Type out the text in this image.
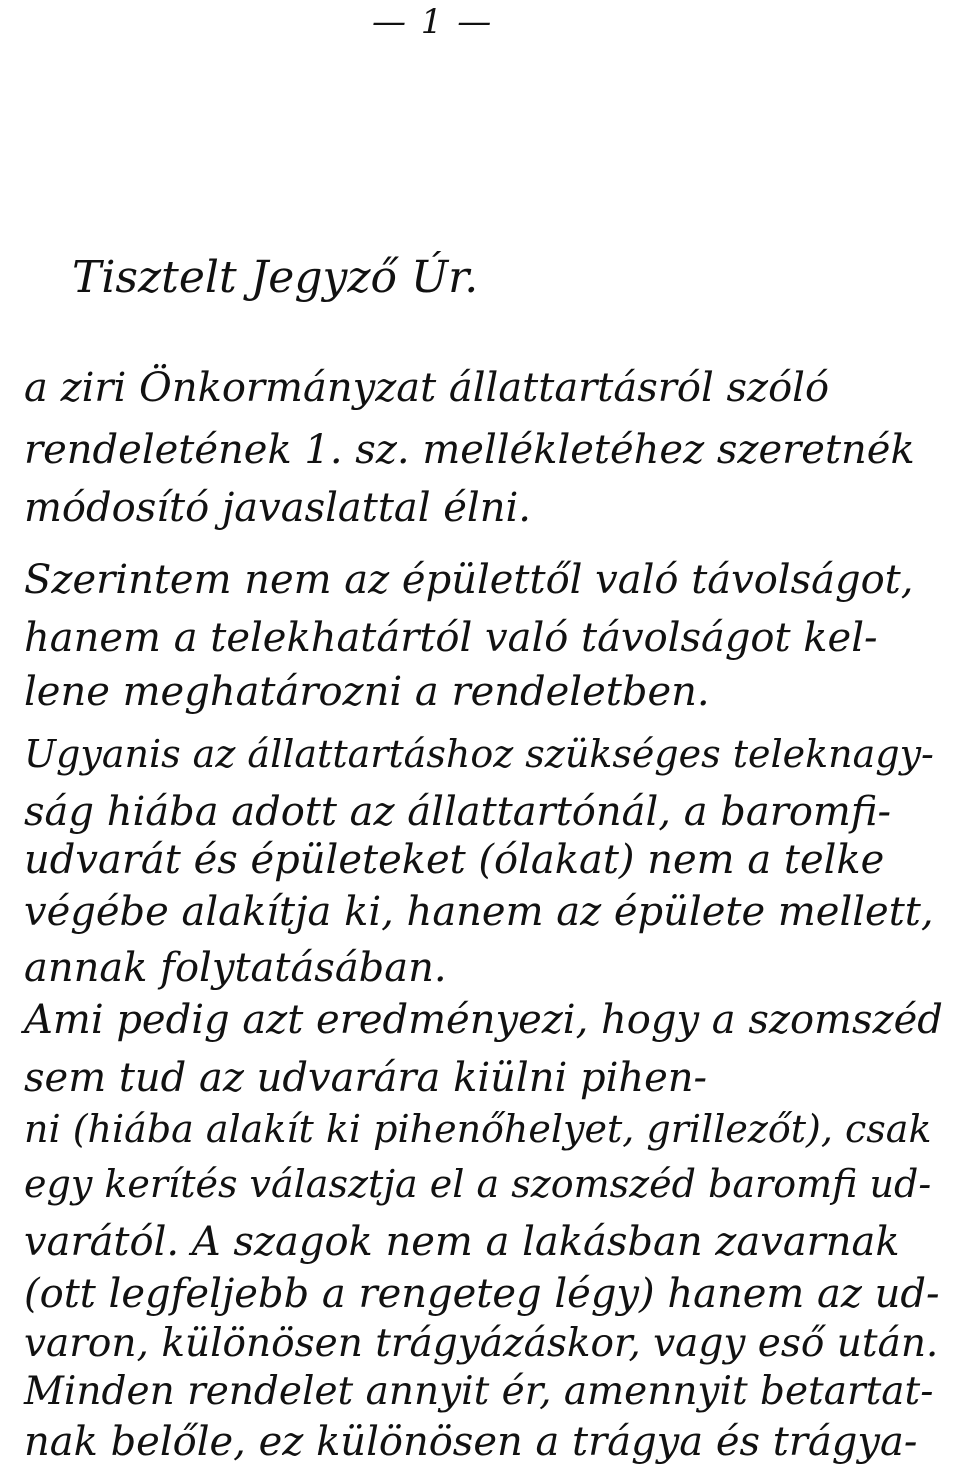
— 1 —
Tisztelt Jegyző Úr.
a ziri Önkormányzat állattartásról szóló
rendeletének 1. sz. mellékletéhez szeretnék
módosító javaslattal élni.
Szerintem nem az épülettől való távolságot,
hanem a telekhatártól való távolságot kel-
lene meghatározni a rendeletben.
Ugyanis az állattartáshoz szükséges teleknagy-
ság hiába adott az állattartónál, a baromfi-
udvarát és épületeket (ólakat) nem a telke
végébe alakítja ki, hanem az épülete mellett,
annak folytatásában.
Ami pedig azt eredményezi, hogy a szomszéd
sem tud az udvarára kiülni pihen-
ni (hiába alakít ki pihenőhelyet, grillezőt), csak
egy kerítés választja el a szomszéd baromfi ud-
varától. A szagok nem a lakásban zavarnak
(ott legfeljebb a rengeteg légy) hanem az ud-
varon, különösen trágyázáskor, vagy eső után.
Minden rendelet annyit ér, amennyit betartat-
nak belőle, ez különösen a trágya és trágya-
